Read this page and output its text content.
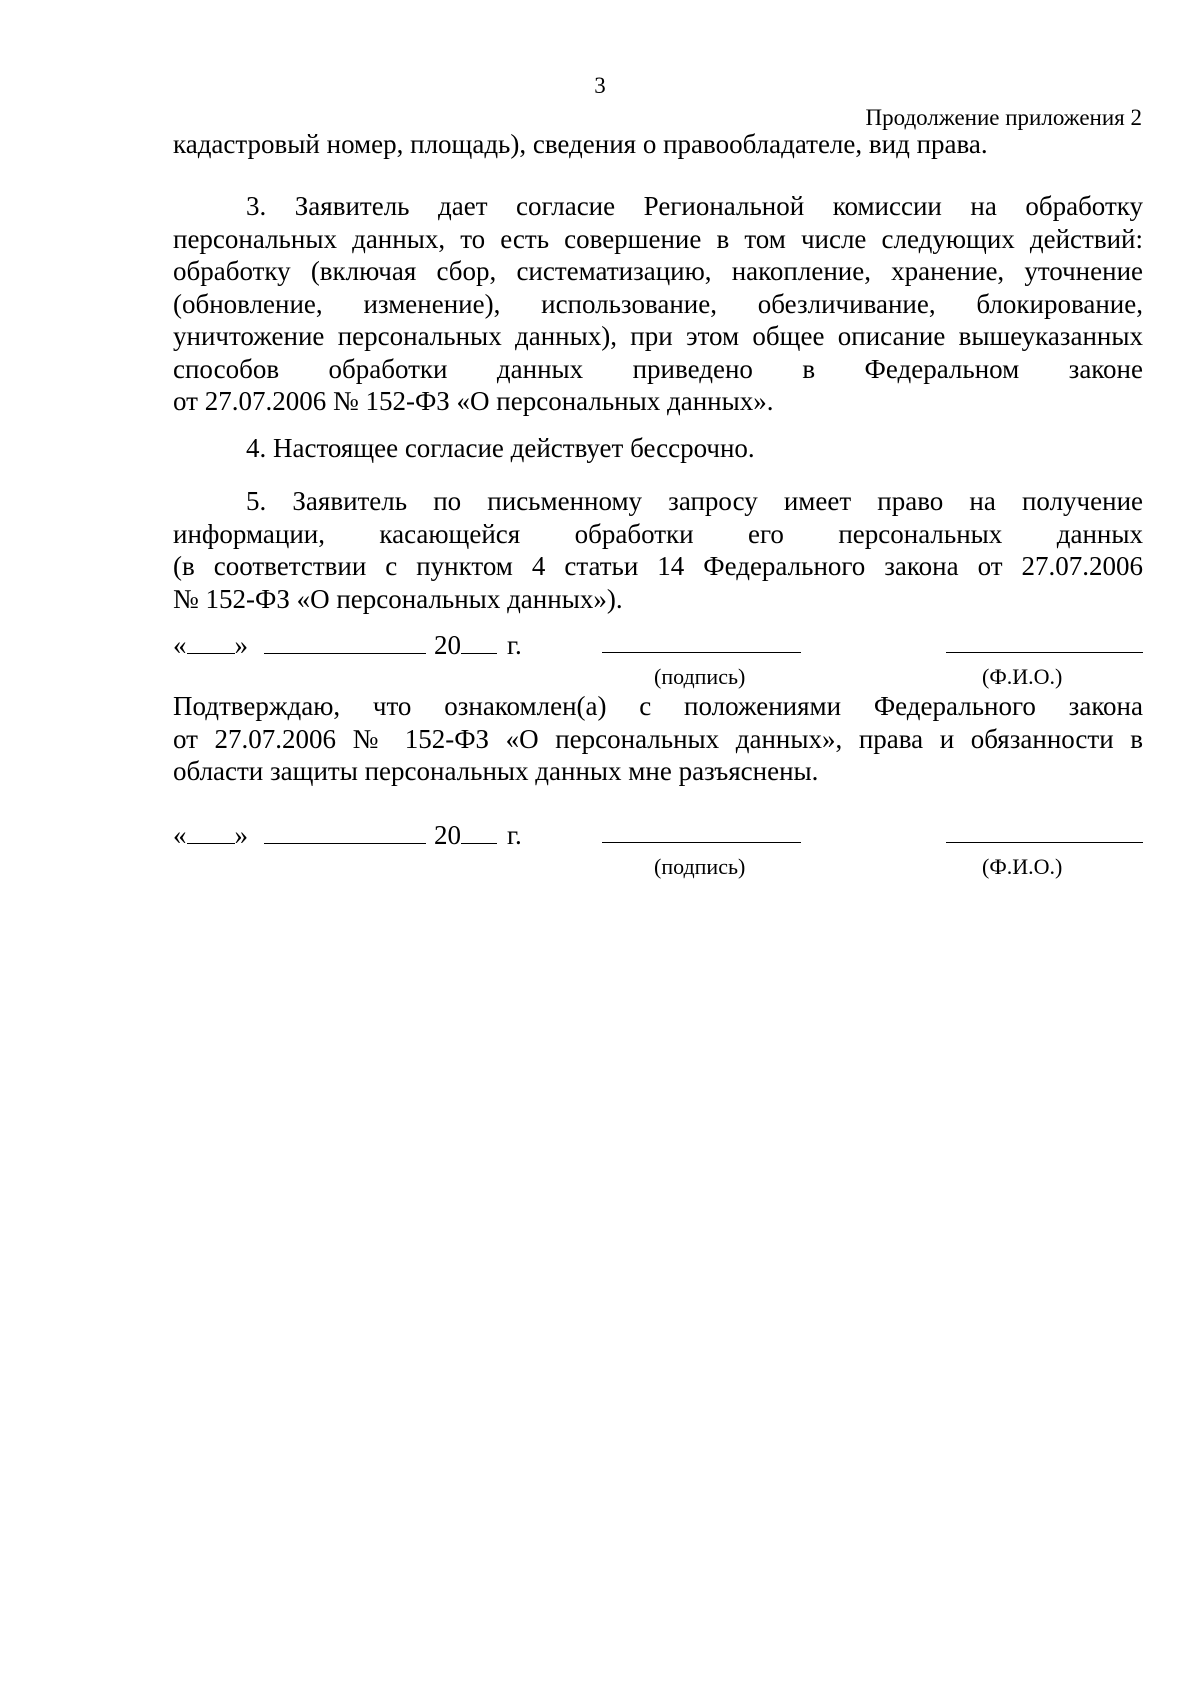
3
Продолжение приложения 2
кадастровый номер, площадь), сведения о правообладателе, вид права.
3. Заявитель дает согласие Региональной комиссии на обработку
персональных данных, то есть совершение в том числе следующих действий:
обработку (включая сбор, систематизацию, накопление, хранение, уточнение
(обновление, изменение), использование, обезличивание, блокирование,
уничтожение персональных данных), при этом общее описание вышеуказанных
способов обработки данных приведено в Федеральном законе
от 27.07.2006 № 152-ФЗ «О персональных данных».
4. Настоящее согласие действует бессрочно.
5. Заявитель по письменному запросу имеет право на получение
информации, касающейся обработки его персональных данных
(в соответствии с пунктом 4 статьи 14 Федерального закона от 27.07.2006
№ 152-ФЗ «О персональных данных»).
« »	20 г.
(подпись)	(Ф.И.О.)
Подтверждаю, что ознакомлен(а) с положениями Федерального закона
от 27.07.2006 № 152-ФЗ «О персональных данных», права и обязанности в
области защиты персональных данных мне разъяснены.
« »	20 г.
(подпись)	(Ф.И.О.)
